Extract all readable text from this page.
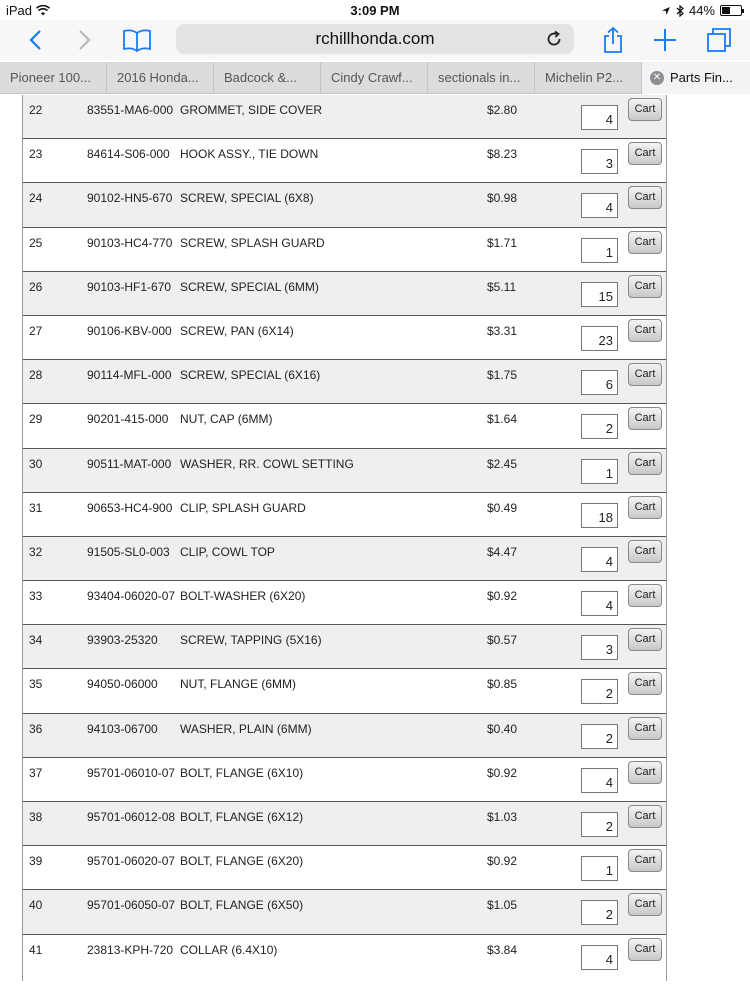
iPad	3:09 PM	44%
rchillhonda.com
Pioneer 100...	2016 Honda...	Badcock &...	Cindy Crawf...	sectionals in...	Michelin P2...	✕ Parts Fin...
22	83551-MA6-000 GROMMET, SIDE COVER	$2.80
4
Cart
23	84614-S06-000 HOOK ASSY., TIE DOWN	$8.23
3
Cart
24	90102-HN5-670 SCREW, SPECIAL (6X8)	$0.98
4
Cart
25	90103-HC4-770 SCREW, SPLASH GUARD	$1.71
1
Cart
26	90103-HF1-670 SCREW, SPECIAL (6MM)	$5.11
15
Cart
27	90106-KBV-000 SCREW, PAN (6X14)	$3.31
23
Cart
28	90114-MFL-000 SCREW, SPECIAL (6X16)	$1.75
6
Cart
29	90201-415-000 NUT, CAP (6MM)	$1.64
2
Cart
30	90511-MAT-000 WASHER, RR. COWL SETTING	$2.45
1
Cart
31	90653-HC4-900 CLIP, SPLASH GUARD	$0.49
18
Cart
32	91505-SL0-003 CLIP, COWL TOP	$4.47
4
Cart
33	93404-06020-07 BOLT-WASHER (6X20)	$0.92
4
Cart
34	93903-25320	SCREW, TAPPING (5X16)	$0.57
3
Cart
35	94050-06000	NUT, FLANGE (6MM)	$0.85
2
Cart
36	94103-06700	WASHER, PLAIN (6MM)	$0.40
2
Cart
37	95701-06010-07 BOLT, FLANGE (6X10)	$0.92
4
Cart
38	95701-06012-08 BOLT, FLANGE (6X12)	$1.03
2
Cart
39	95701-06020-07 BOLT, FLANGE (6X20)	$0.92
1
Cart
40	95701-06050-07 BOLT, FLANGE (6X50)	$1.05
2
Cart
41	23813-KPH-720 COLLAR (6.4X10)	$3.84
4
Cart
